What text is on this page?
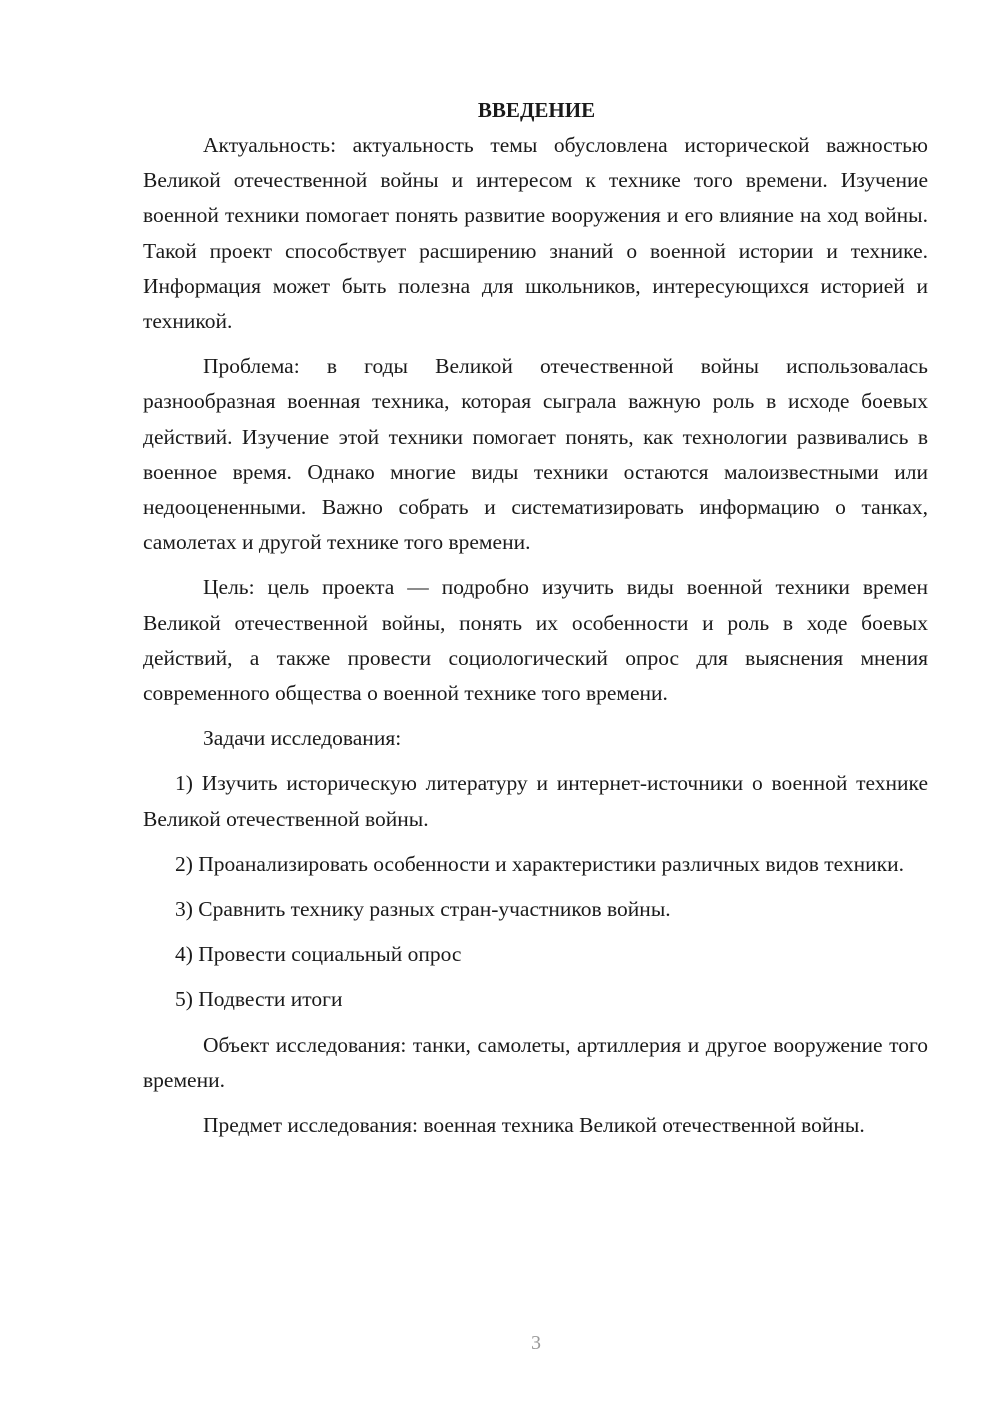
ВВЕДЕНИЕ

Актуальность: актуальность темы обусловлена исторической важностью Великой отечественной войны и интересом к технике того времени. Изучение военной техники помогает понять развитие вооружения и его влияние на ход войны. Такой проект способствует расширению знаний о военной истории и технике. Информация может быть полезна для школьников, интересующихся историей и техникой.

Проблема: в годы Великой отечественной войны использовалась разнообразная военная техника, которая сыграла важную роль в исходе боевых действий. Изучение этой техники помогает понять, как технологии развивались в военное время. Однако многие виды техники остаются малоизвестными или недооцененными. Важно собрать и систематизировать информацию о танках, самолетах и другой технике того времени.

Цель: цель проекта — подробно изучить виды военной техники времен Великой отечественной войны, понять их особенности и роль в ходе боевых действий, а также провести социологический опрос для выяснения мнения современного общества о военной технике того времени.

Задачи исследования:

1) Изучить историческую литературу и интернет-источники о военной технике Великой отечественной войны.

2) Проанализировать особенности и характеристики различных видов техники.

3) Сравнить технику разных стран-участников войны.

4) Провести социальный опрос

5) Подвести итоги

Объект исследования: танки, самолеты, артиллерия и другое вооружение того времени.

Предмет исследования: военная техника Великой отечественной войны.

3
